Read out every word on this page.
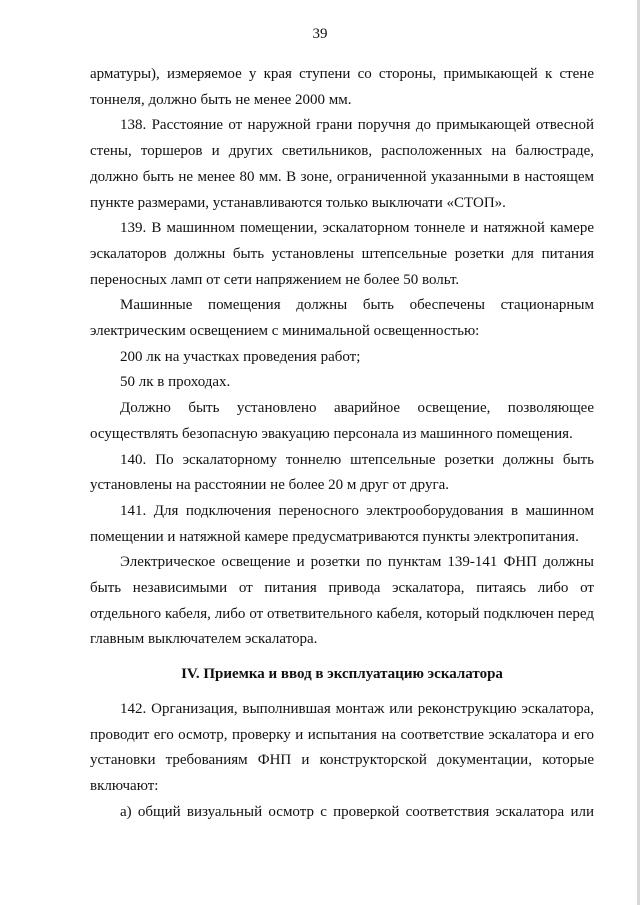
39

арматуры), измеряемое у края ступени со стороны, примыкающей к стене тоннеля, должно быть не менее 2000 мм.

138. Расстояние от наружной грани поручня до примыкающей отвесной стены, торшеров и других светильников, расположенных на балюстраде, должно быть не менее 80 мм. В зоне, ограниченной указанными в настоящем пункте размерами, устанавливаются только выключати «СТОП».

139. В машинном помещении, эскалаторном тоннеле и натяжной камере эскалаторов должны быть установлены штепсельные розетки для питания переносных ламп от сети напряжением не более 50 вольт.

Машинные помещения должны быть обеспечены стационарным электрическим освещением с минимальной освещенностью:

200 лк на участках проведения работ;

50 лк в проходах.

Должно быть установлено аварийное освещение, позволяющее осуществлять безопасную эвакуацию персонала из машинного помещения.

140. По эскалаторному тоннелю штепсельные розетки должны быть установлены на расстоянии не более 20 м друг от друга.

141. Для подключения переносного электрооборудования в машинном помещении и натяжной камере предусматриваются пункты электропитания.

Электрическое освещение и розетки по пунктам 139-141 ФНП должны быть независимыми от питания привода эскалатора, питаясь либо от отдельного кабеля, либо от ответвительного кабеля, который подключен перед главным выключателем эскалатора.

IV. Приемка и ввод в эксплуатацию эскалатора

142. Организация, выполнившая монтаж или реконструкцию эскалатора, проводит его осмотр, проверку и испытания на соответствие эскалатора и его установки требованиям ФНП и конструкторской документации, которые включают:

а) общий визуальный осмотр с проверкой соответствия эскалатора или
